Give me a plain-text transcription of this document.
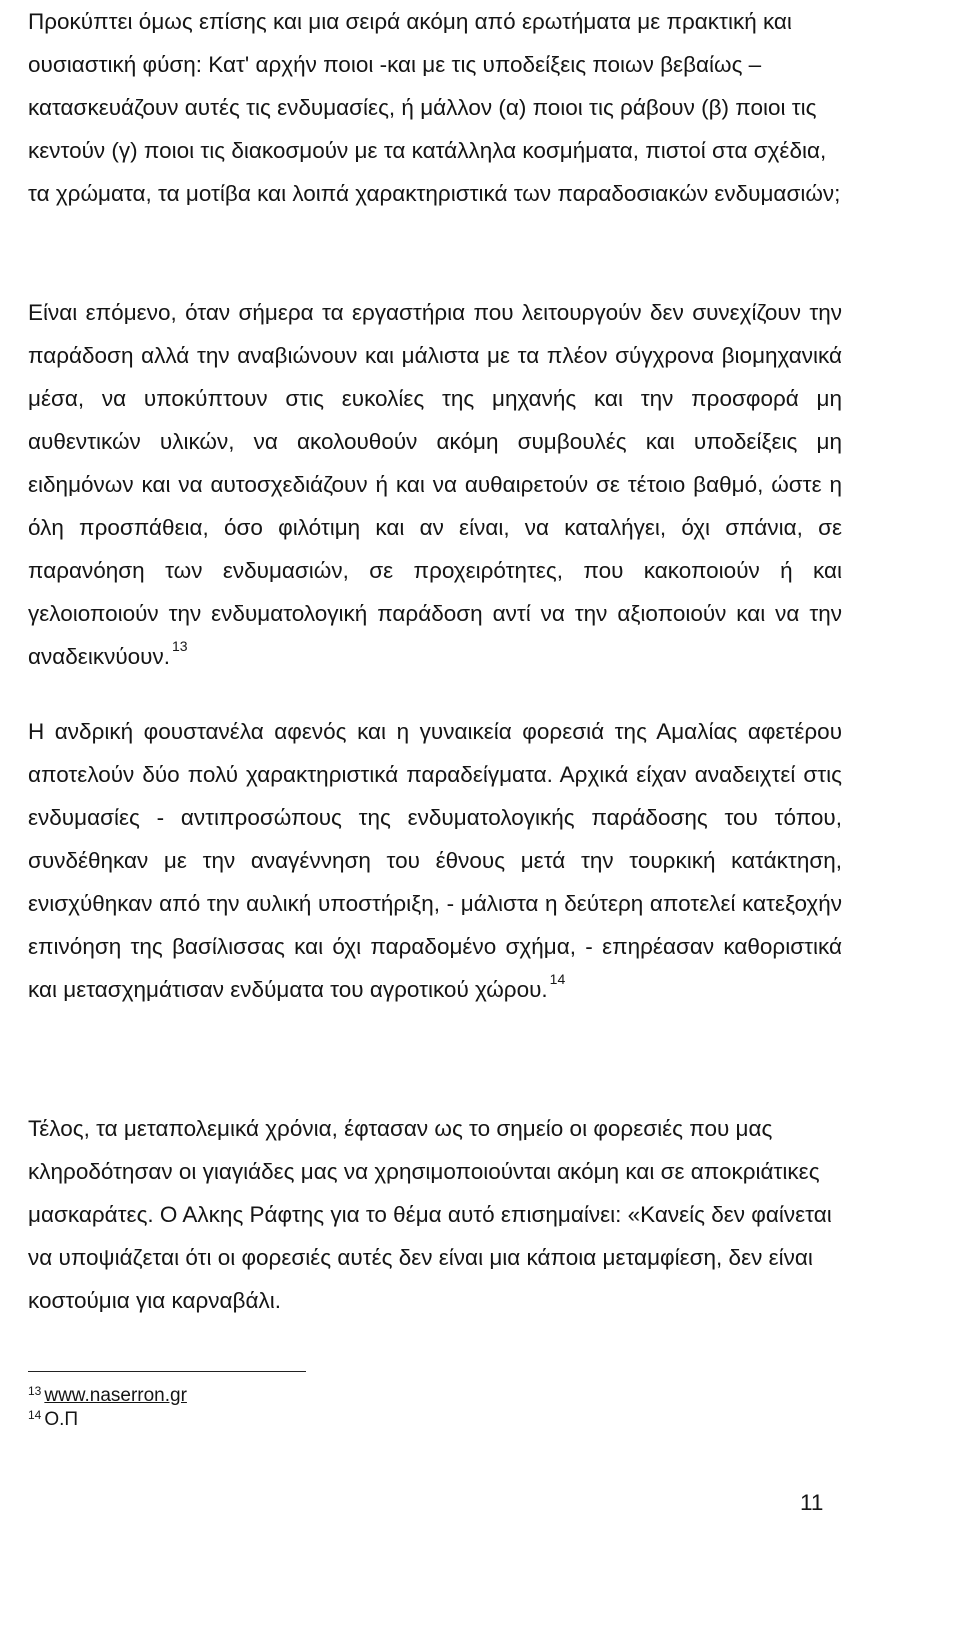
Προκύπτει όμως επίσης και μια σειρά ακόμη από ερωτήματα με πρακτική και ουσιαστική φύση: Κατ' αρχήν ποιοι -και με τις υποδείξεις ποιων βεβαίως – κατασκευάζουν αυτές τις ενδυμασίες, ή μάλλον (α) ποιοι τις ράβουν (β) ποιοι τις κεντούν (γ) ποιοι τις διακοσμούν με τα κατάλληλα κοσμήματα, πιστοί στα σχέδια, τα χρώματα, τα μοτίβα και λοιπά χαρακτηριστικά των παραδοσιακών ενδυμασιών;

Είναι επόμενο, όταν σήμερα τα εργαστήρια που λειτουργούν δεν συνεχίζουν την παράδοση αλλά την αναβιώνουν και μάλιστα με τα πλέον σύγχρονα βιομηχανικά μέσα, να υποκύπτουν στις ευκολίες της μηχανής και την προσφορά μη αυθεντικών υλικών, να ακολουθούν ακόμη συμβουλές και υποδείξεις μη ειδημόνων και να αυτοσχεδιάζουν ή και να αυθαιρετούν σε τέτοιο βαθμό, ώστε η όλη προσπάθεια, όσο φιλότιμη και αν είναι, να καταλήγει, όχι σπάνια, σε παρανόηση των ενδυμασιών, σε προχειρότητες, που κακοποιούν ή και γελοιοποιούν την ενδυματολογική παράδοση αντί να την αξιοποιούν και να την αναδεικνύουν. $^{13}$

Η ανδρική φουστανέλα αφενός και η γυναικεία φορεσιά της Αμαλίας αφετέρου αποτελούν δύο πολύ χαρακτηριστικά παραδείγματα. Αρχικά είχαν αναδειχτεί στις ενδυμασίες - αντιπροσώπους της ενδυματολογικής παράδοσης του τόπου, συνδέθηκαν με την αναγέννηση του έθνους μετά την τουρκική κατάκτηση, ενισχύθηκαν από την αυλική υποστήριξη, - μάλιστα η δεύτερη αποτελεί κατεξοχήν επινόηση της βασίλισσας και όχι παραδομένο σχήμα, - επηρέασαν καθοριστικά και μετασχημάτισαν ενδύματα του αγροτικού χώρου. $^{14}$

Τέλος, τα μεταπολεμικά χρόνια, έφτασαν ως το σημείο οι φορεσιές που μας κληροδότησαν οι γιαγιάδες μας να χρησιμοποιούνται ακόμη και σε αποκριάτικες μασκαράτες. Ο Αλκης Ράφτης για το θέμα αυτό επισημαίνει: «Κανείς δεν φαίνεται να υποψιάζεται ότι οι φορεσιές αυτές δεν είναι μια κάποια μεταμφίεση, δεν είναι κοστούμια για καρναβάλι.

$^{13}$ www.naserron.gr
$^{14}$ Ο.Π
11
